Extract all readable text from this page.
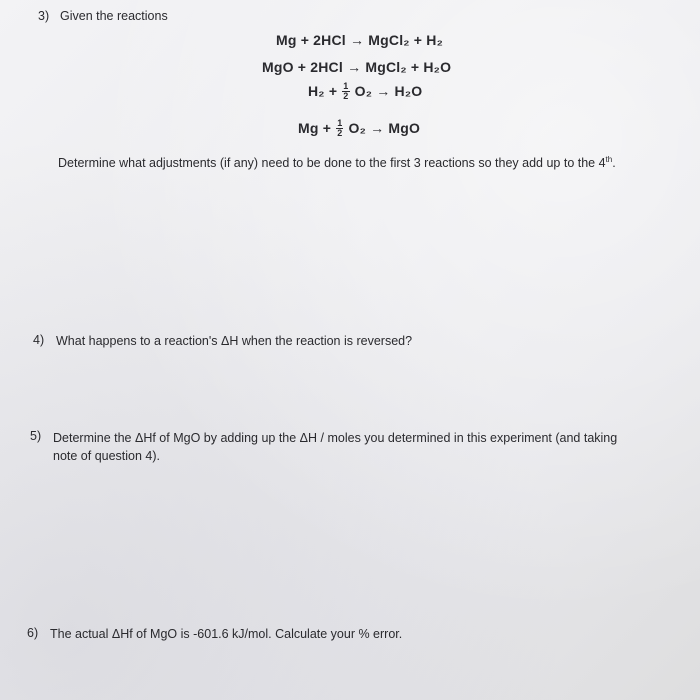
3) Given the reactions
Mg + 2HCl → MgCl₂ + H₂
MgO + 2HCl → MgCl₂ + H₂O
$H_2 + \frac{1}{2} O_2 \to H_2O$
$Mg + \frac{1}{2} O_2$ → MgO
Determine what adjustments (if any) need to be done to the first 3 reactions so they add up to the 4th.
4) What happens to a reaction's ΔH when the reaction is reversed?
5) Determine the ΔHf of MgO by adding up the ΔH / moles you determined in this experiment (and taking
note of question 4).
6) The actual ΔHf of MgO is -601.6 kJ/mol. Calculate your % error.
